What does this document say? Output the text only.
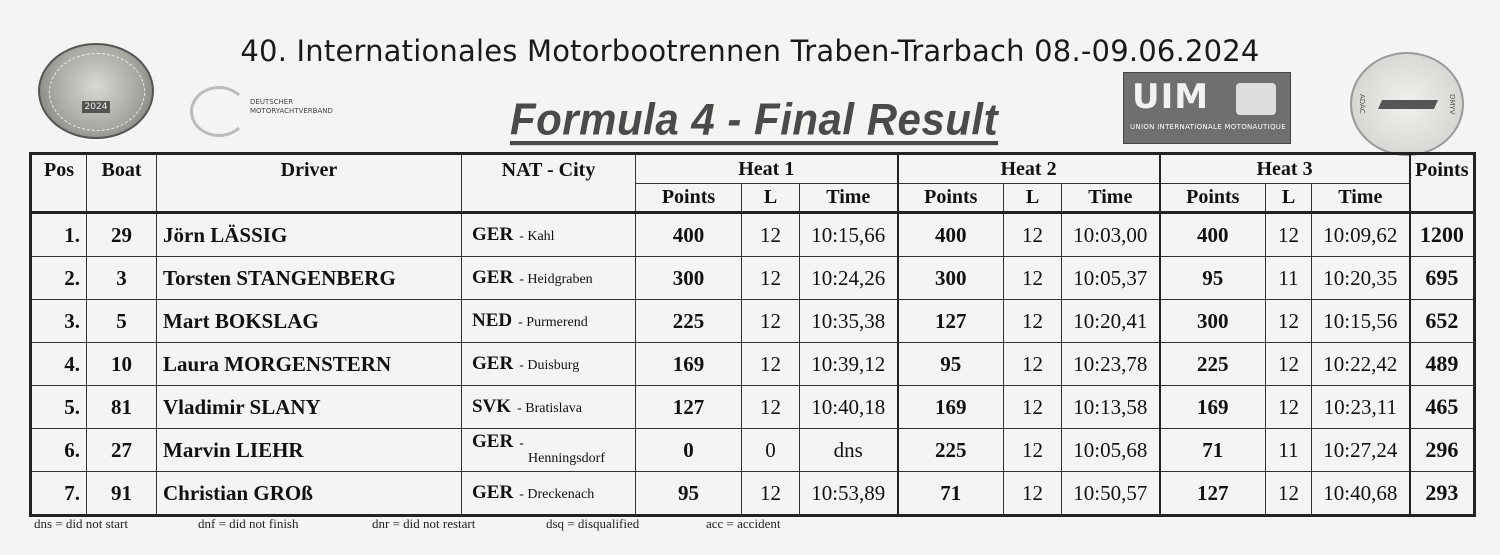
40. Internationales Motorbootrennen Traben-Trarbach 08.-09.06.2024
Formula 4 - Final Result
2024	DEUTSCHER
MOTORYACHTVERBAND	UIM
UNION INTERNATIONALE MOTONAUTIQUE
ADAC	DMYV
Pos	Boat	Driver	NAT - City	Heat 1			Heat 2			Heat 3			Points
				Points	L	Time	Points	L	Time	Points	L	Time	
1.	29	Jörn LÄSSIG	GER - Kahl	400	12	10:15,66	400	12	10:03,00	400	12	10:09,62	1200
2.	3	Torsten STANGENBERG	GER - Heidgraben	300	12	10:24,26	300	12	10:05,37	95	11	10:20,35	695
3.	5	Mart BOKSLAG	NED - Purmerend	225	12	10:35,38	127	12	10:20,41	300	12	10:15,56	652
4.	10	Laura MORGENSTERN	GER - Duisburg	169	12	10:39,12	95	12	10:23,78	225	12	10:22,42	489
5.	81	Vladimir SLANY	SVK - Bratislava	127	12	10:40,18	169	12	10:13,58	169	12	10:23,11	465
6.	27	Marvin LIEHR	GER -
Henningsdorf	0	0	dns	225	12	10:05,68	71	11	10:27,24	296
7.	91	Christian GROß	GER - Dreckenach	95	12	10:53,89	71	12	10:50,57	127	12	10:40,68	293
dns = did not start	dnf = did not finish	dnr = did not restart	dsq = disqualified	acc = accident
